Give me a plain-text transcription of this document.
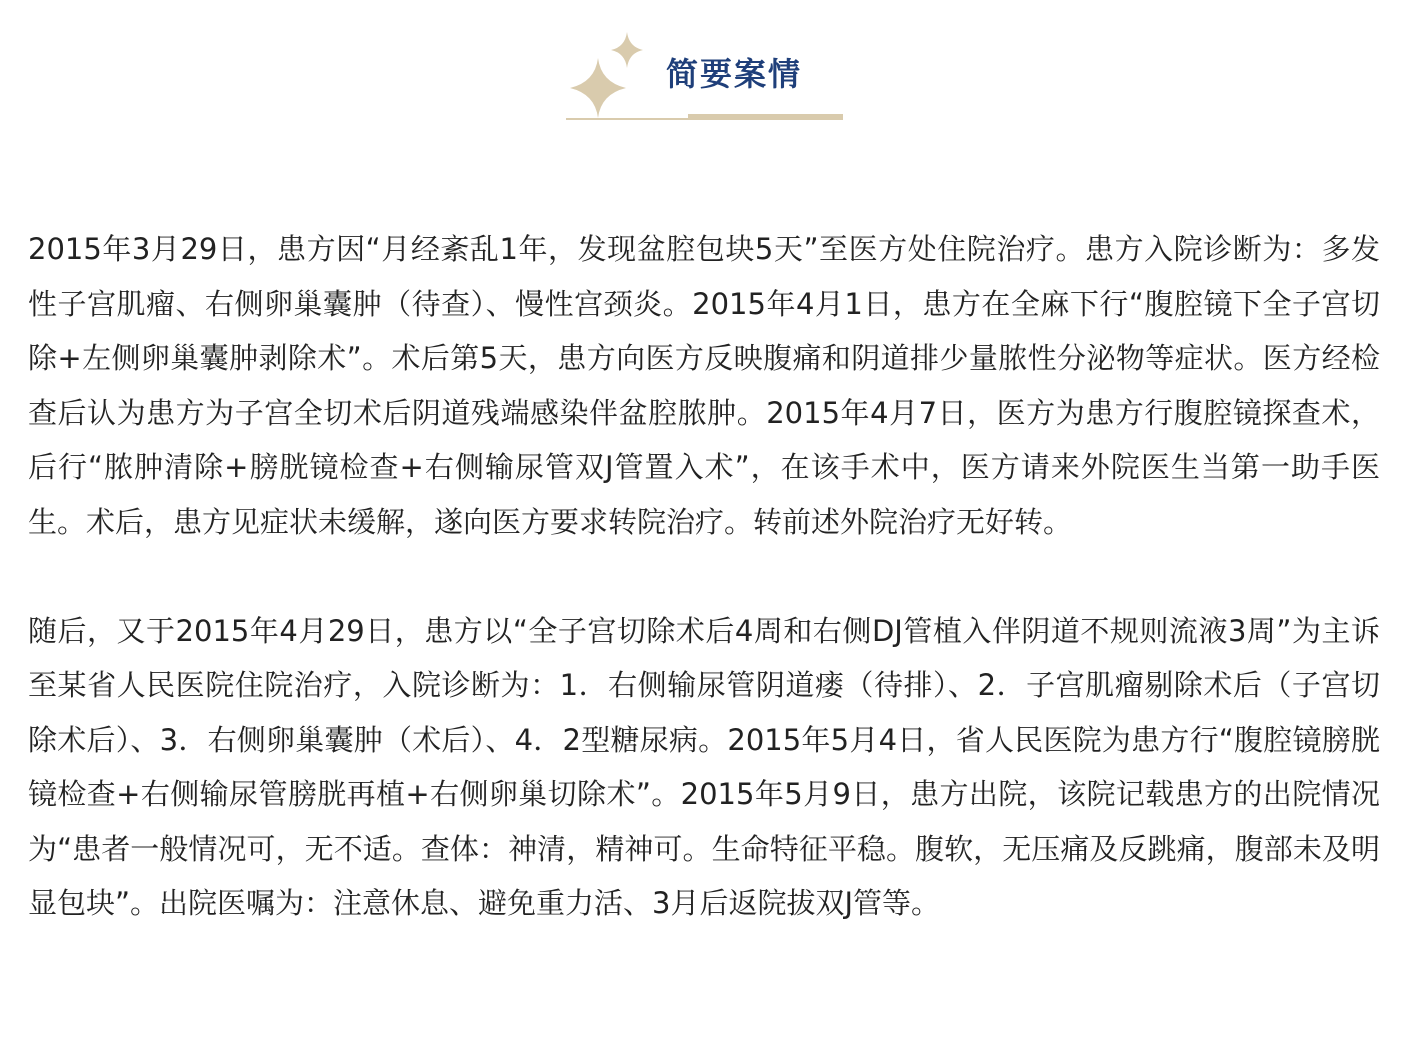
简要案情

2015年3月29日，患方因“月经紊乱1年，发现盆腔包块5天”至医方处住院治疗。患方入院诊断为：多发性子宫肌瘤、右侧卵巢囊肿（待查）、慢性宫颈炎。2015年4月1日，患方在全麻下行“腹腔镜下全子宫切除+左侧卵巢囊肿剥除术”。术后第5天，患方向医方反映腹痛和阴道排少量脓性分泌物等症状。医方经检查后认为患方为子宫全切术后阴道残端感染伴盆腔脓肿。2015年4月7日，医方为患方行腹腔镜探查术，后行“脓肿清除+膀胱镜检查+右侧输尿管双J管置入术”，在该手术中，医方请来外院医生当第一助手医生。术后，患方见症状未缓解，遂向医方要求转院治疗。转前述外院治疗无好转。

随后，又于2015年4月29日，患方以“全子宫切除术后4周和右侧DJ管植入伴阴道不规则流液3周”为主诉至某省人民医院住院治疗，入院诊断为：1．右侧输尿管阴道瘘（待排）、2．子宫肌瘤剔除术后（子宫切除术后）、3．右侧卵巢囊肿（术后）、4．2型糖尿病。2015年5月4日，省人民医院为患方行“腹腔镜膀胱镜检查+右侧输尿管膀胱再植+右侧卵巢切除术”。2015年5月9日，患方出院，该院记载患方的出院情况为“患者一般情况可，无不适。查体：神清，精神可。生命特征平稳。腹软，无压痛及反跳痛，腹部未及明显包块”。出院医嘱为：注意休息、避免重力活、3月后返院拔双J管等。
